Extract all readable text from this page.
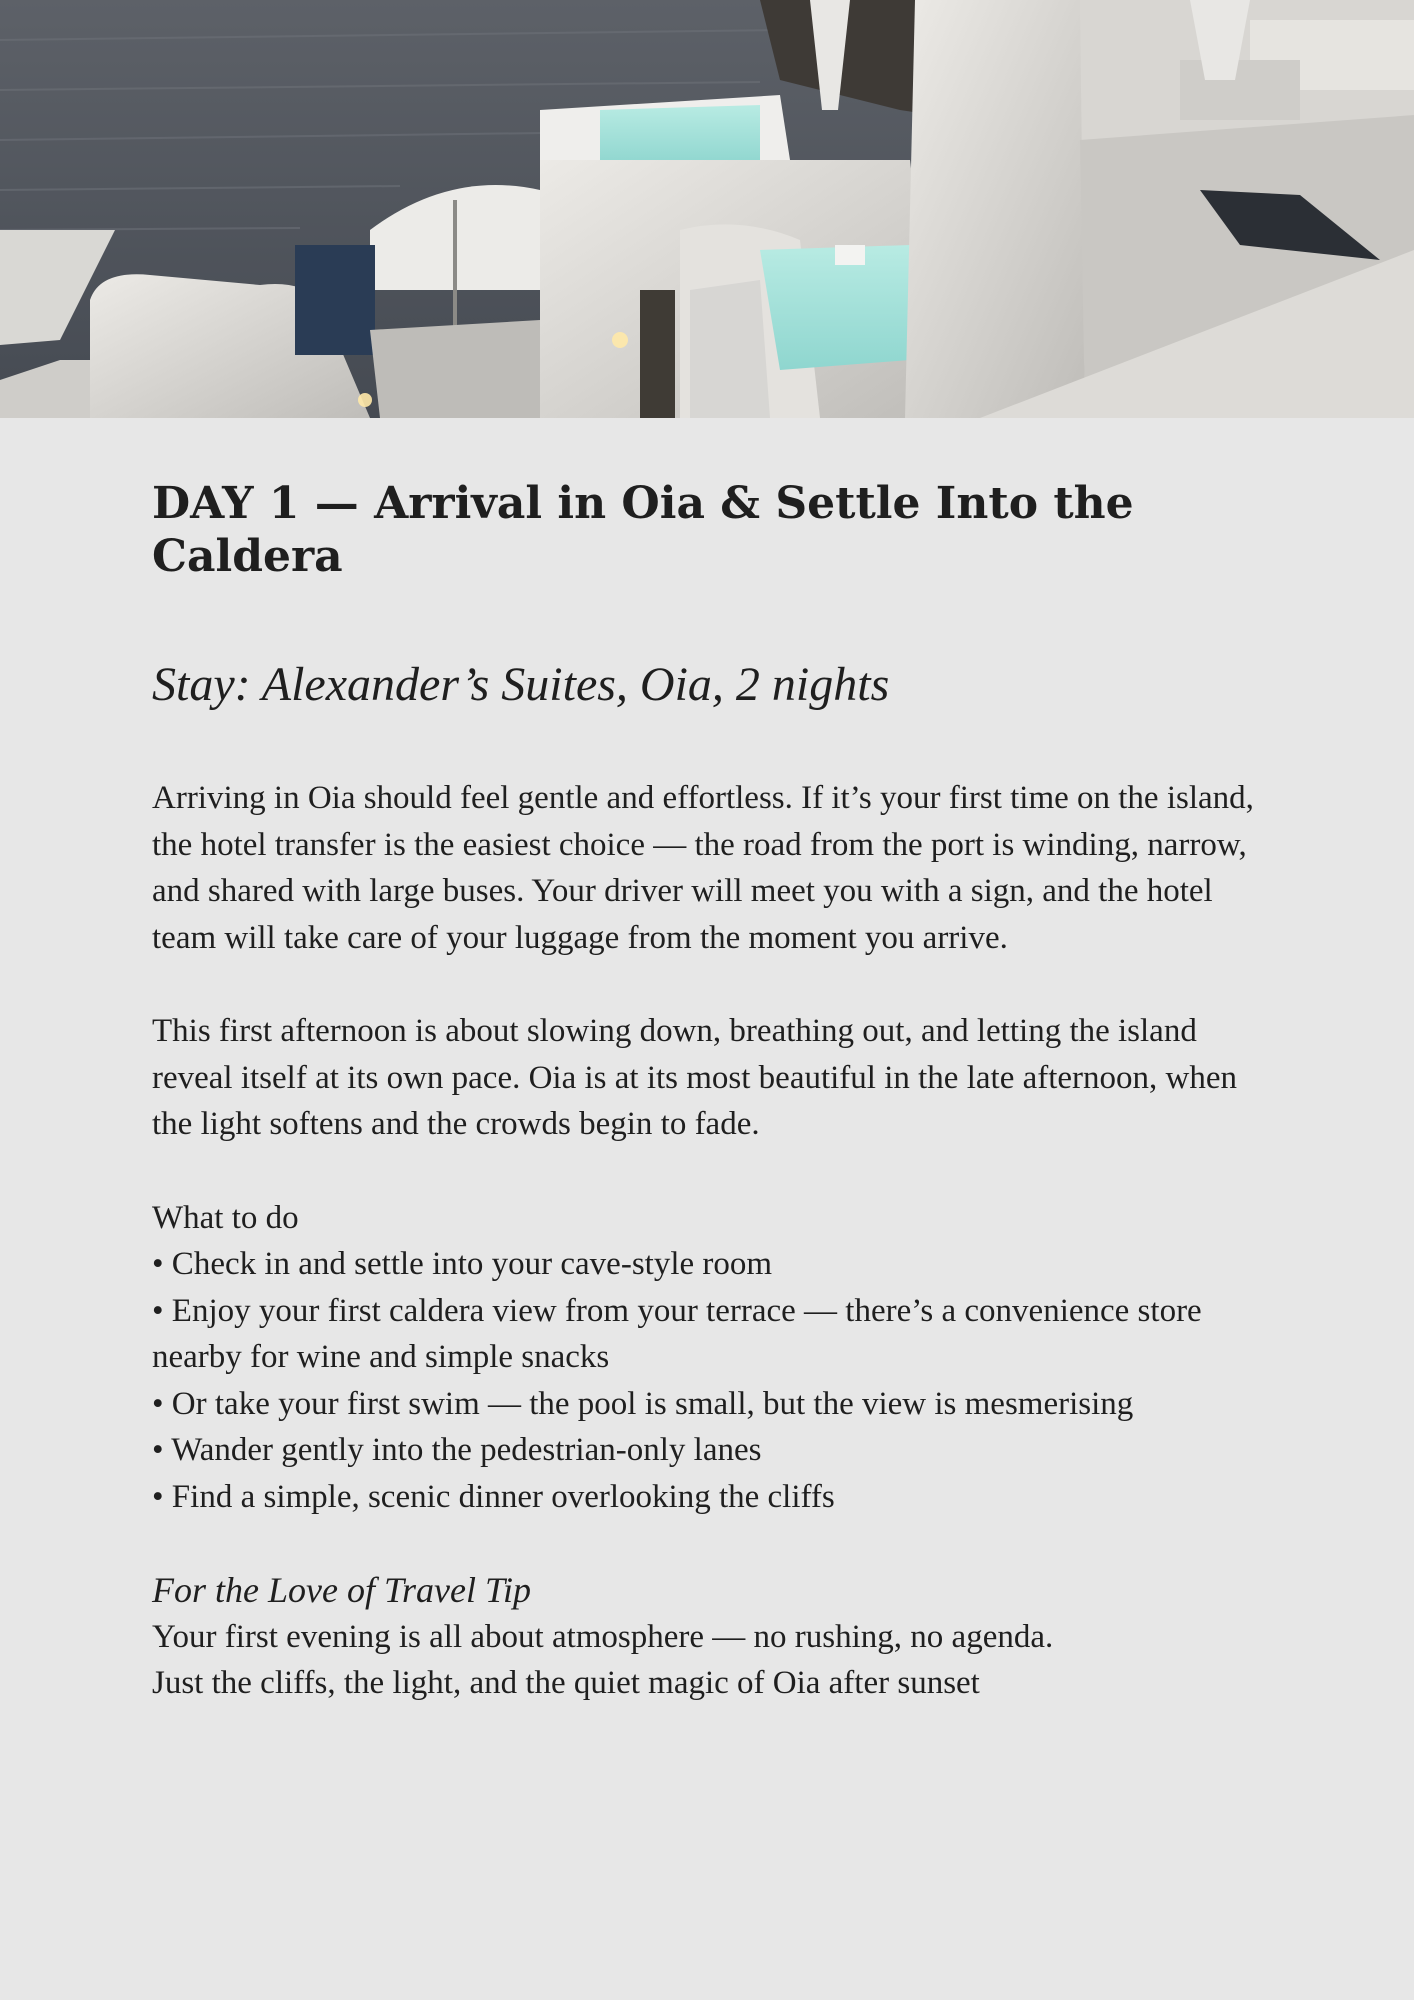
DAY 1 — Arrival in Oia & Settle Into the Caldera

Stay: Alexander’s Suites, Oia, 2 nights

Arriving in Oia should feel gentle and effortless. If it’s your first time on the island, the hotel transfer is the easiest choice — the road from the port is winding, narrow, and shared with large buses. Your driver will meet you with a sign, and the hotel team will take care of your luggage from the moment you arrive.

This first afternoon is about slowing down, breathing out, and letting the island reveal itself at its own pace. Oia is at its most beautiful in the late afternoon, when the light softens and the crowds begin to fade.

What to do

• Check in and settle into your cave-style room
• Enjoy your first caldera view from your terrace — there’s a convenience store nearby for wine and simple snacks
• Or take your first swim — the pool is small, but the view is mesmerising
• Wander gently into the pedestrian-only lanes
• Find a simple, scenic dinner overlooking the cliffs

For the Love of Travel Tip

Your first evening is all about atmosphere — no rushing, no agenda.

Just the cliffs, the light, and the quiet magic of Oia after sunset
